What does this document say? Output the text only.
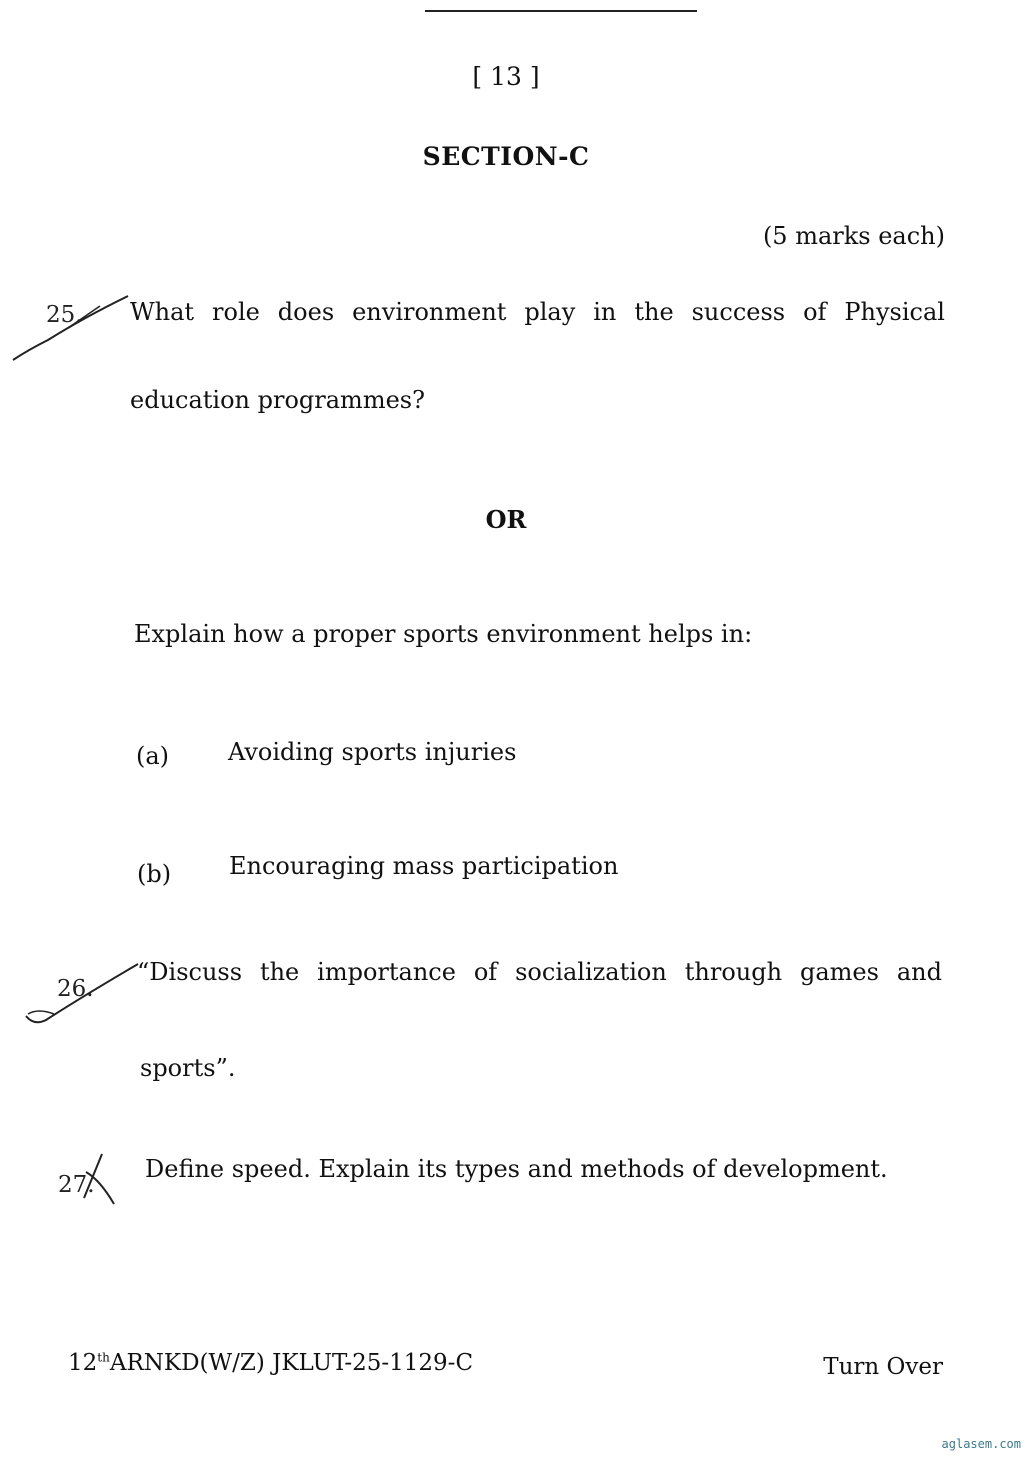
[ 13 ]
SECTION-C
(5 marks each)
25. What role does environment play in the success of Physical
education programmes?
OR
Explain how a proper sports environment helps in:
(a) Avoiding sports injuries
(b) Encouraging mass participation
26.
“Discuss the importance of socialization through games and
sports”.
27.
Define speed. Explain its types and methods of development.
12thARNKD(W/Z) JKLUT-25-1129-C	Turn Over
aglasem.com
